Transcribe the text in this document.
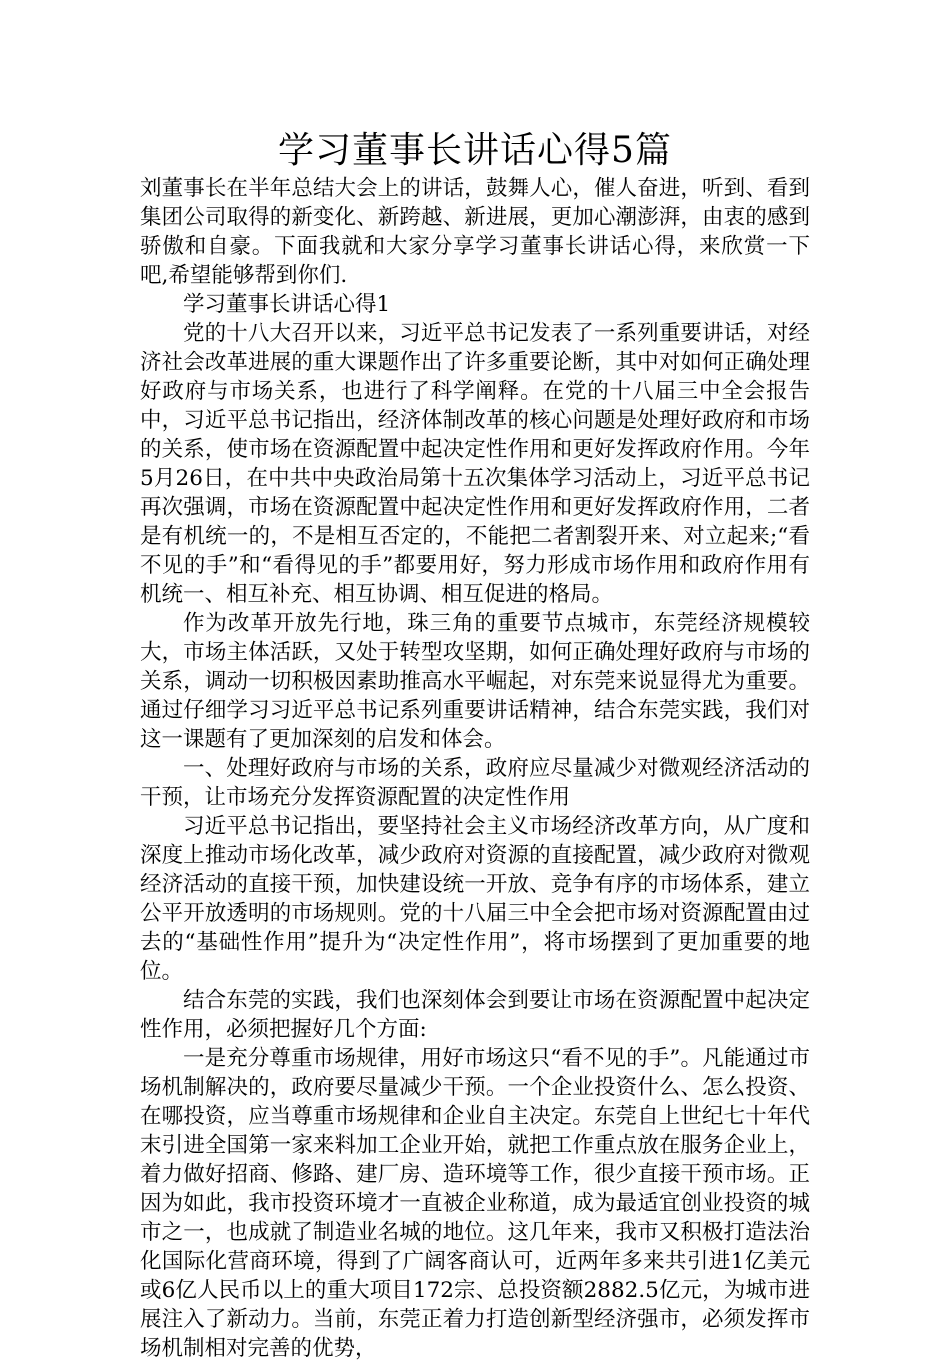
学习董事长讲话心得5篇

刘董事长在半年总结大会上的讲话，鼓舞人心，催人奋进，听到、看到集团公司取得的新变化、新跨越、新进展，更加心潮澎湃，由衷的感到骄傲和自豪。下面我就和大家分享学习董事长讲话心得，来欣赏一下吧,希望能够帮到你们.

学习董事长讲话心得1

党的十八大召开以来，习近平总书记发表了一系列重要讲话，对经济社会改革进展的重大课题作出了许多重要论断，其中对如何正确处理好政府与市场关系，也进行了科学阐释。在党的十八届三中全会报告中，习近平总书记指出，经济体制改革的核心问题是处理好政府和市场的关系，使市场在资源配置中起决定性作用和更好发挥政府作用。今年5月26日，在中共中央政治局第十五次集体学习活动上，习近平总书记再次强调，市场在资源配置中起决定性作用和更好发挥政府作用，二者是有机统一的，不是相互否定的，不能把二者割裂开来、对立起来;“看不见的手”和“看得见的手”都要用好，努力形成市场作用和政府作用有机统一、相互补充、相互协调、相互促进的格局。

作为改革开放先行地，珠三角的重要节点城市，东莞经济规模较大，市场主体活跃，又处于转型攻坚期，如何正确处理好政府与市场的关系，调动一切积极因素助推高水平崛起，对东莞来说显得尤为重要。通过仔细学习习近平总书记系列重要讲话精神，结合东莞实践，我们对这一课题有了更加深刻的启发和体会。

一、处理好政府与市场的关系，政府应尽量减少对微观经济活动的干预，让市场充分发挥资源配置的决定性作用

习近平总书记指出，要坚持社会主义市场经济改革方向，从广度和深度上推动市场化改革，减少政府对资源的直接配置，减少政府对微观经济活动的直接干预，加快建设统一开放、竞争有序的市场体系，建立公平开放透明的市场规则。党的十八届三中全会把市场对资源配置由过去的“基础性作用”提升为“决定性作用”，将市场摆到了更加重要的地位。

结合东莞的实践，我们也深刻体会到要让市场在资源配置中起决定性作用，必须把握好几个方面:

一是充分尊重市场规律，用好市场这只“看不见的手”。凡能通过市场机制解决的，政府要尽量减少干预。一个企业投资什么、怎么投资、在哪投资，应当尊重市场规律和企业自主决定。东莞自上世纪七十年代末引进全国第一家来料加工企业开始，就把工作重点放在服务企业上，着力做好招商、修路、建厂房、造环境等工作，很少直接干预市场。正因为如此，我市投资环境才一直被企业称道，成为最适宜创业投资的城市之一，也成就了制造业名城的地位。这几年来，我市又积极打造法治化国际化营商环境，得到了广阔客商认可，近两年多来共引进1亿美元或6亿人民币以上的重大项目172宗、总投资额2882.5亿元，为城市进展注入了新动力。当前，东莞正着力打造创新型经济强市，必须发挥市场机制相对完善的优势，
